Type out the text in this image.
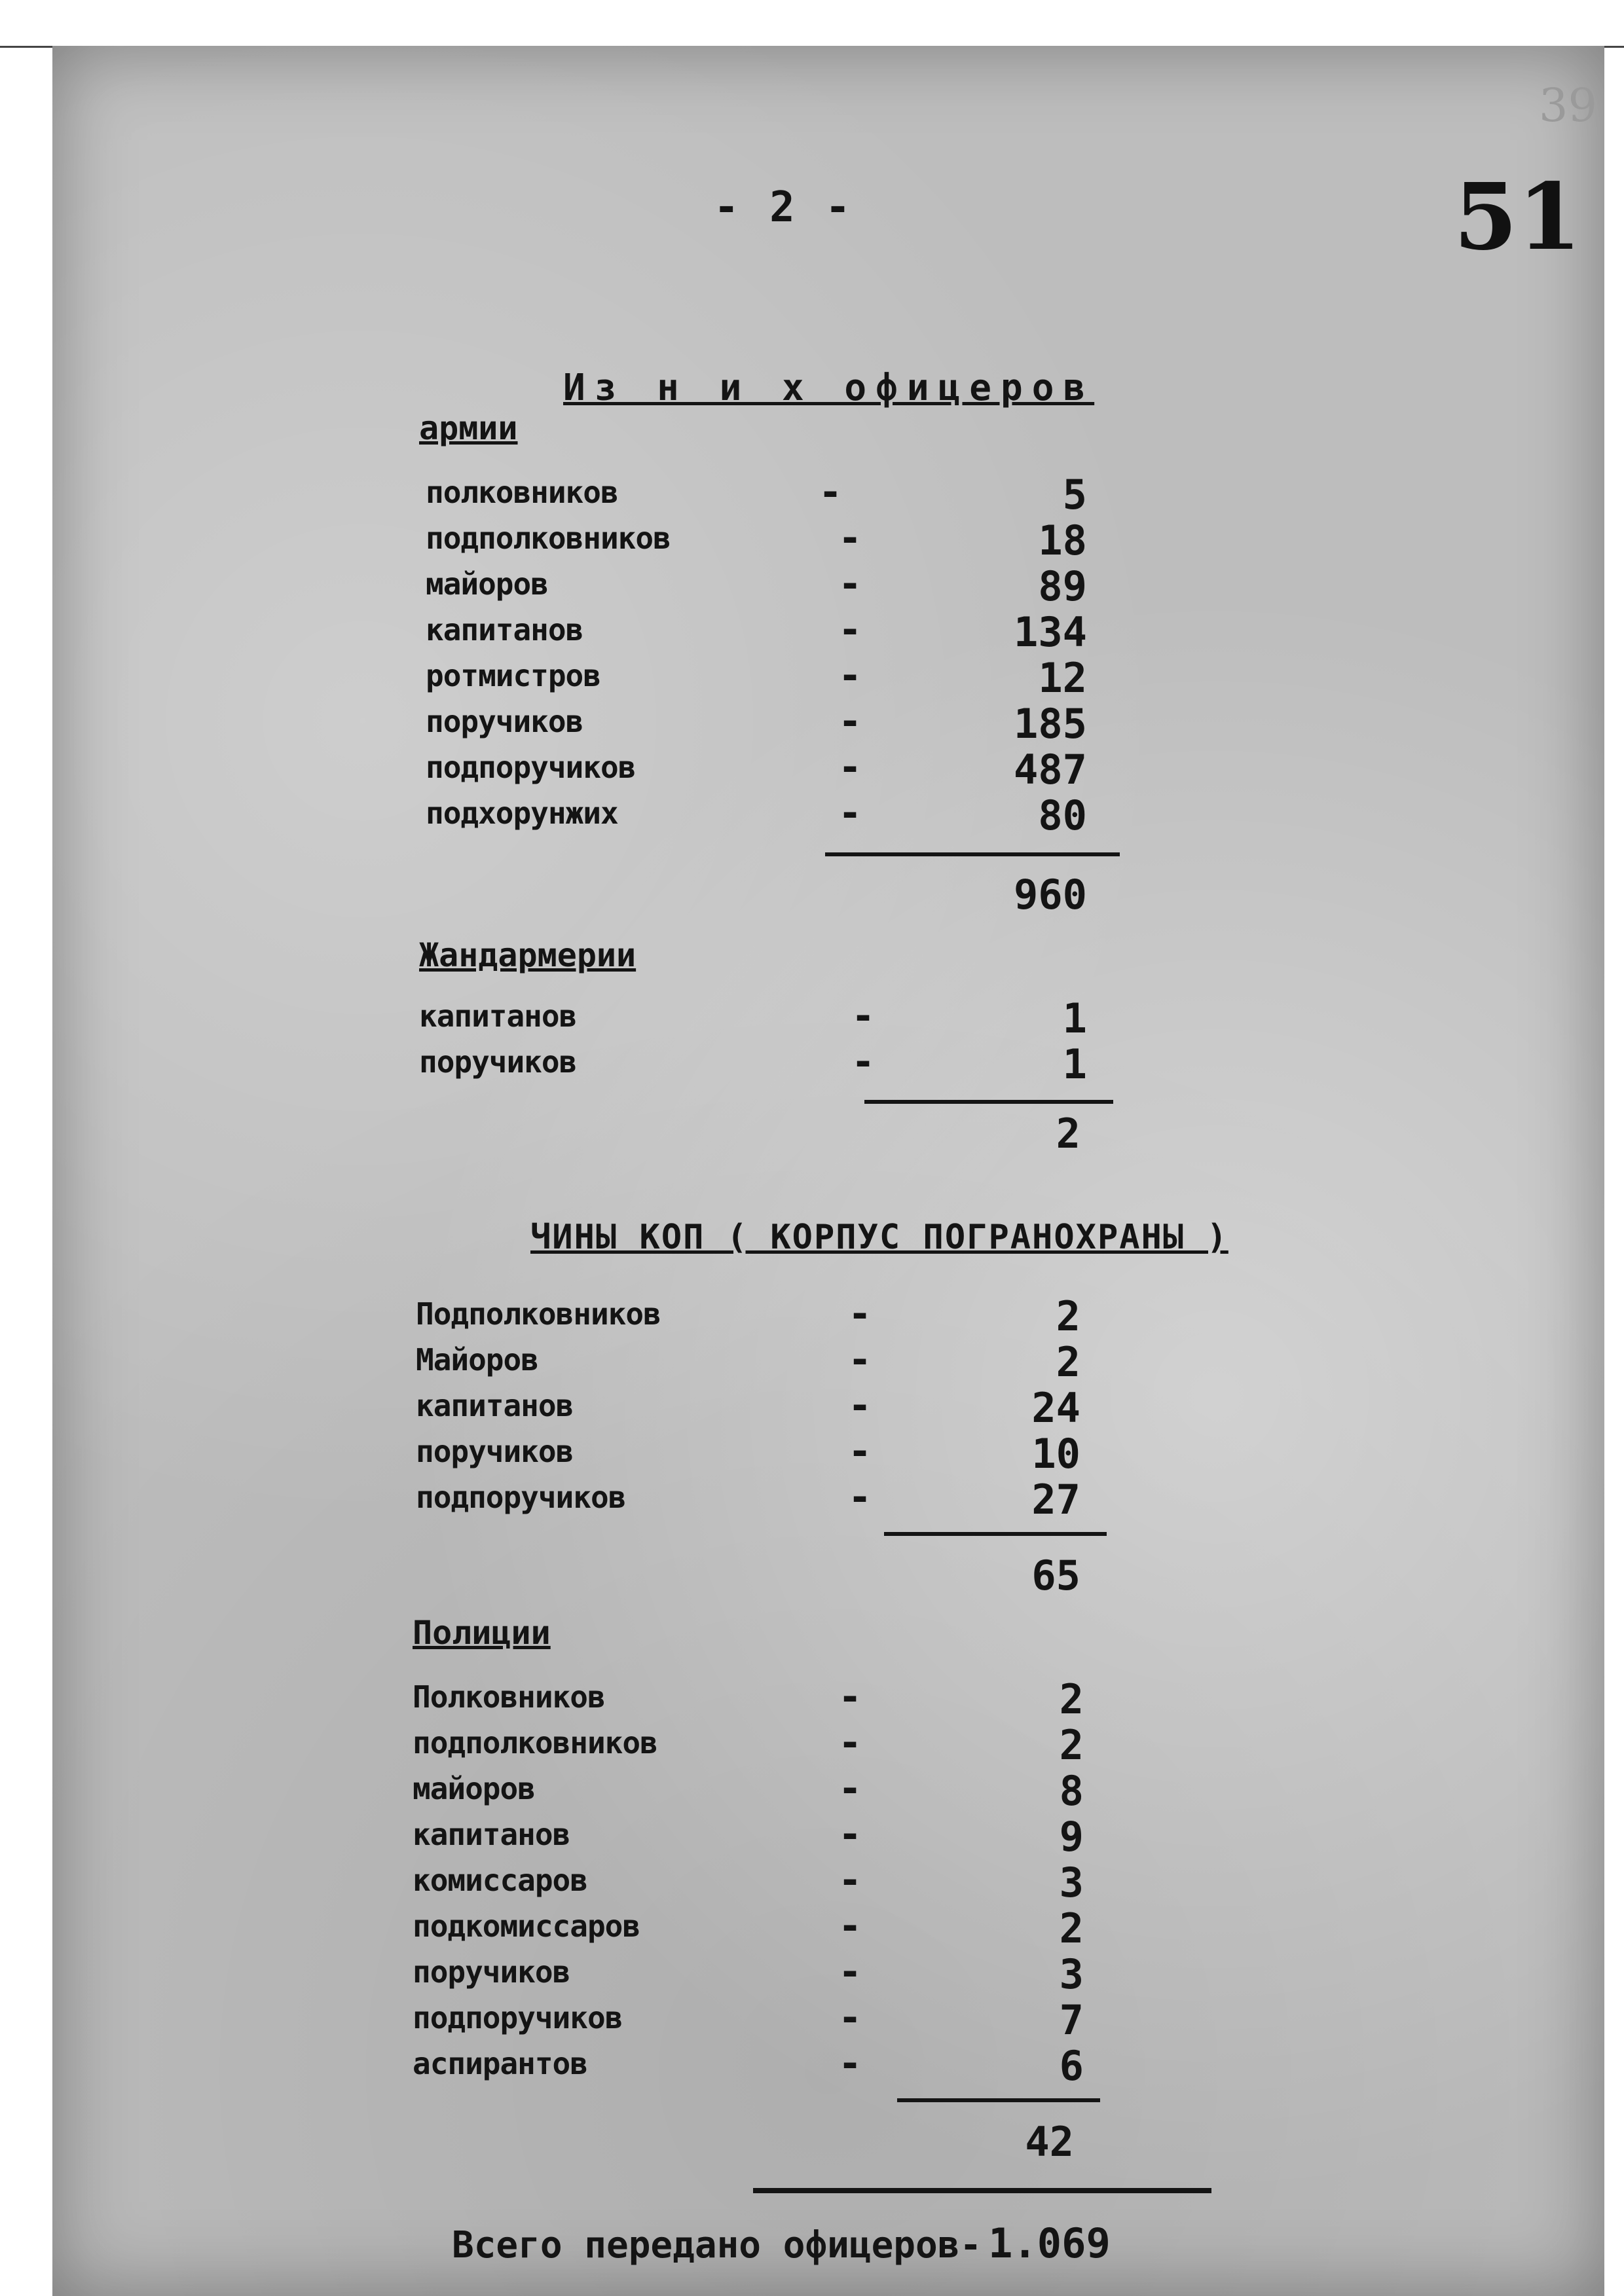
39
51
- 2 -
Из н и х офицеров
армии
полковников	-	5
подполковников	-	18
майоров	-	89
капитанов	-	134
ротмистров	-	12
поручиков	-	185
подпоручиков	-	487
подхорунжих	-	80
960
Жандармерии
капитанов	-	1
поручиков	-	1
2
ЧИНЫ КОП ( КОРПУС ПОГРАНОХРАНЫ )
Подполковников	-	2
Майоров	-	2
капитанов	-	24
поручиков	-	10
подпоручиков	-	27
65
Полиции
Полковников	-	2
подполковников	-	2
майоров	-	8
капитанов	-	9
комиссаров	-	3
подкомиссаров	-	2
поручиков	-	3
подпоручиков	-	7
аспирантов	-	6
42
Всего передано офицеров- 1.069
